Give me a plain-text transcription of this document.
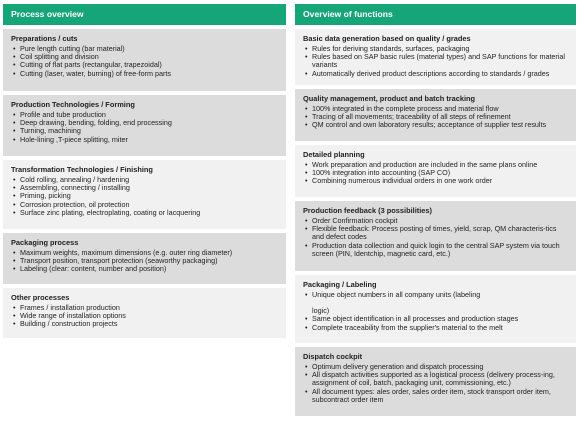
Process overview
Preparations / cuts
• Pure length cutting (bar material)
• Coil splitting and division
• Cutting of flat parts (rectangular, trapezoidal)
• Cutting (laser, water, burning) of free-form parts
Production Technologies / Forming
• Profile and tube production
• Deep drawing, bending, folding, end processing
• Turning, machining
• Hole-lining ,T-piece splitting, miter
Transformation Technologies / Finishing
• Cold rolling, annealing / hardening
• Assembling, connecting / installing
• Priming, picking
• Corrosion protection, oil protection
• Surface zinc plating, electroplating, coating or lacquering
Packaging process
• Maximum weights, maximum dimensions (e.g. outer ring diameter)
• Transport position, transport protection (seaworthy packaging)
• Labeling (clear: content, number and position)
Other processes
• Frames / installation production
• Wide range of installation options
• Building / construction projects
Overview of functions
Basic data generation based on quality / grades
• Rules for deriving standards, surfaces, packaging
• Rules based on SAP basic rules (material types) and SAP functions for material variants
• Automatically derived product descriptions according to standards / grades
Quality management, product and batch tracking
• 100% integrated in the complete process and material flow
• Tracing of all movements; traceability of all steps of refinement
• QM control and own laboratory results; acceptance of supplier test results
Detailed planning
• Work preparation and production are included in the same plans online
• 100% integration into accounting (SAP CO)
• Combining numerous individual orders in one work order
Production feedback (3 possibilities)
• Order Confirmation cockpit
• Flexible feedback: Process posting of times, yield, scrap, QM characteris-tics and defect codes
• Production data collection and quick login to the central SAP system via touch screen (PIN, Identchip, magnetic card, etc.)
Packaging / Labeling
• Unique object numbers in all company units (labeling
logic)
• Same object identification in all processes and production stages
• Complete traceability from the supplier's material to the melt
Dispatch cockpit
• Optimum delivery generation and dispatch processing
• All dispatch activities supported as a logistical process (delivery process-ing, assignment of coil, batch, packaging unit, commissioning, etc.)
• All document types: ales order, sales order item, stock transport order item, subcontract order item
